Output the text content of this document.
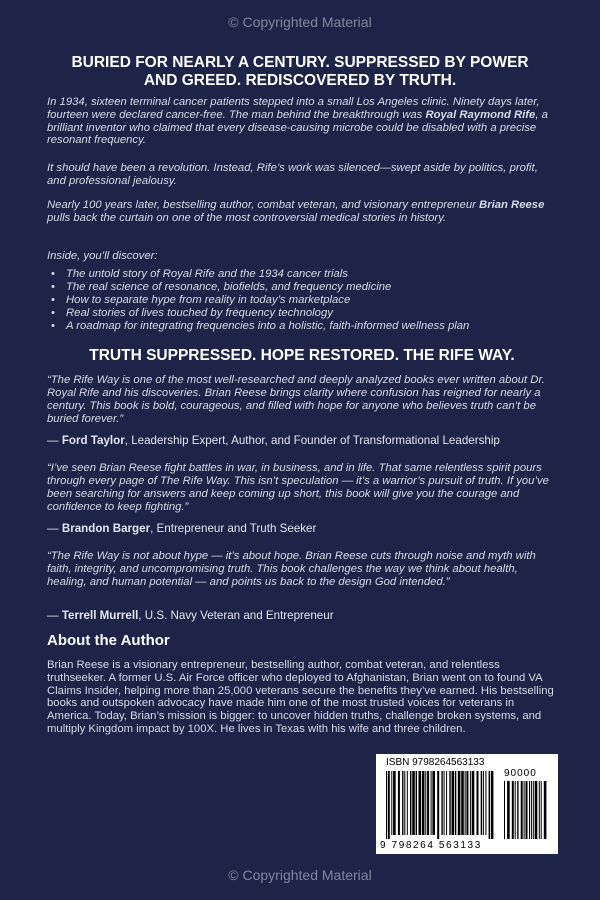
© Copyrighted Material
BURIED FOR NEARLY A CENTURY. SUPPRESSED BY POWER AND GREED. REDISCOVERED BY TRUTH.

In 1934, sixteen terminal cancer patients stepped into a small Los Angeles clinic. Ninety days later, fourteen were declared cancer-free. The man behind the breakthrough was Royal Raymond Rife, a brilliant inventor who claimed that every disease-causing microbe could be disabled with a precise resonant frequency.

It should have been a revolution. Instead, Rife’s work was silenced—swept aside by politics, profit, and professional jealousy.

Nearly 100 years later, bestselling author, combat veteran, and visionary entrepreneur Brian Reese pulls back the curtain on one of the most controversial medical stories in history.

Inside, you’ll discover:

• The untold story of Royal Rife and the 1934 cancer trials
• The real science of resonance, biofields, and frequency medicine
• How to separate hype from reality in today’s marketplace
• Real stories of lives touched by frequency technology
• A roadmap for integrating frequencies into a holistic, faith-informed wellness plan
TRUTH SUPPRESSED. HOPE RESTORED. THE RIFE WAY.

“The Rife Way is one of the most well-researched and deeply analyzed books ever written about Dr. Royal Rife and his discoveries. Brian Reese brings clarity where confusion has reigned for nearly a century. This book is bold, courageous, and filled with hope for anyone who believes truth can’t be buried forever.”

— Ford Taylor, Leadership Expert, Author, and Founder of Transformational Leadership

“I’ve seen Brian Reese fight battles in war, in business, and in life. That same relentless spirit pours through every page of The Rife Way. This isn’t speculation — it’s a warrior’s pursuit of truth. If you’ve been searching for answers and keep coming up short, this book will give you the courage and confidence to keep fighting.”

— Brandon Barger, Entrepreneur and Truth Seeker

“The Rife Way is not about hype — it’s about hope. Brian Reese cuts through noise and myth with faith, integrity, and uncompromising truth. This book challenges the way we think about health, healing, and human potential — and points us back to the design God intended.”

— Terrell Murrell, U.S. Navy Veteran and Entrepreneur

About the Author

Brian Reese is a visionary entrepreneur, bestselling author, combat veteran, and relentless truthseeker. A former U.S. Air Force officer who deployed to Afghanistan, Brian went on to found VA Claims Insider, helping more than 25,000 veterans secure the benefits they’ve earned. His bestselling books and outspoken advocacy have made him one of the most trusted voices for veterans in America. Today, Brian’s mission is bigger: to uncover hidden truths, challenge broken systems, and multiply Kingdom impact by 100X. He lives in Texas with his wife and three children.

ISBN 9798264563133
90000
9 798264 563133
© Copyrighted Material
